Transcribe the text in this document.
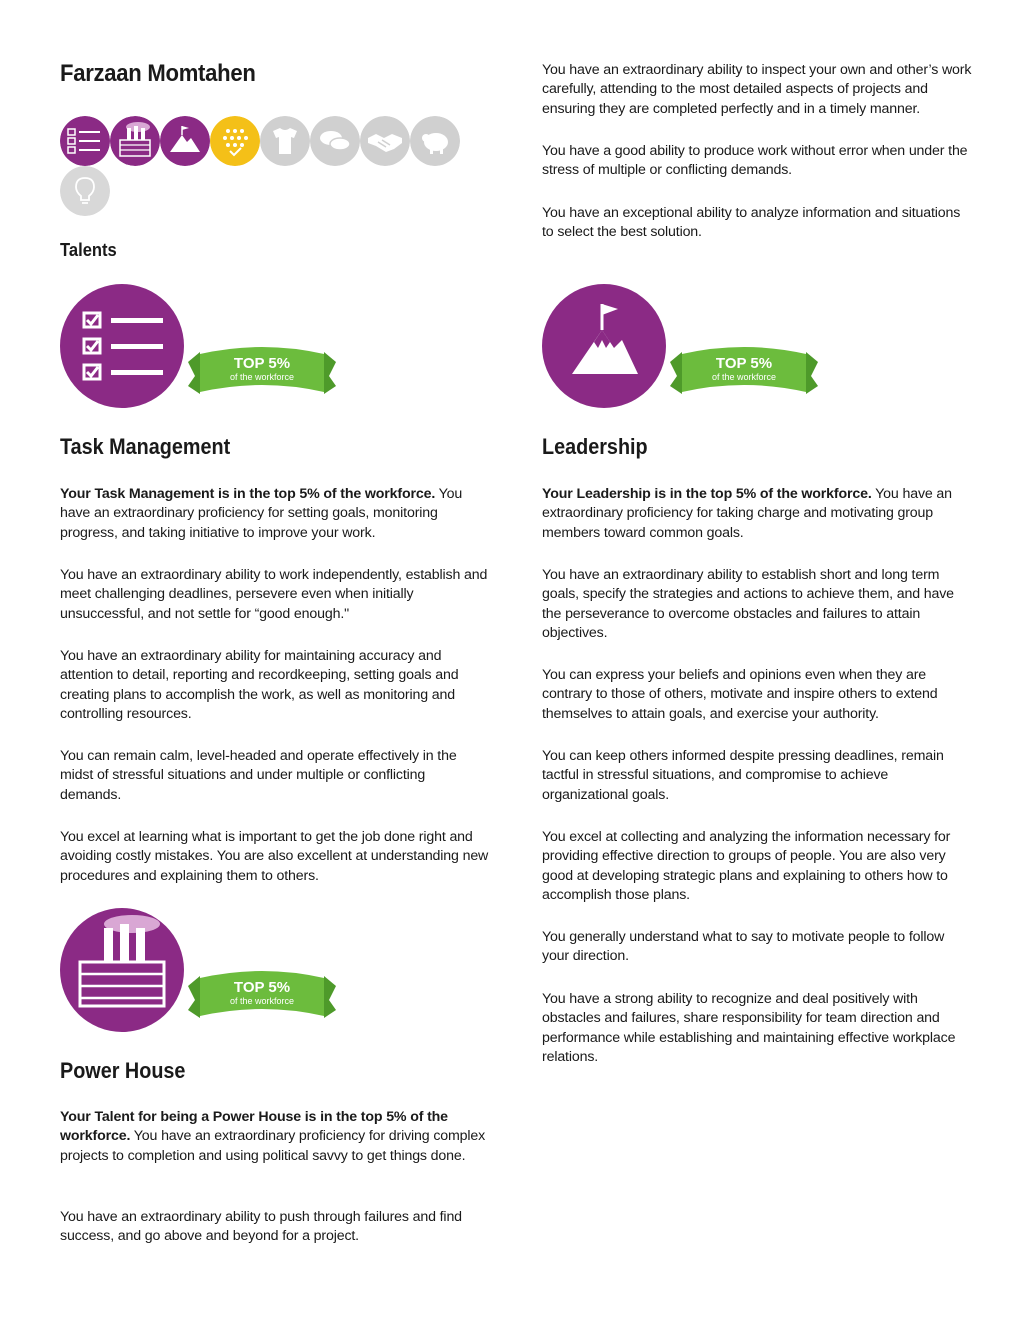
Farzaan Momtahen
Talents
TOP 5%
of the workforce
Task Management
Your Task Management is in the top 5% of the workforce. You have an extraordinary proficiency for setting goals, monitoring progress, and taking initiative to improve your work.
You have an extraordinary ability to work independently, establish and meet challenging deadlines, persevere even when initially unsuccessful, and not settle for “good enough."
You have an extraordinary ability for maintaining accuracy and attention to detail, reporting and recordkeeping, setting goals and creating plans to accomplish the work, as well as monitoring and controlling resources.
You can remain calm, level-headed and operate effectively in the midst of stressful situations and under multiple or conflicting demands.
You excel at learning what is important to get the job done right and avoiding costly mistakes. You are also excellent at understanding new procedures and explaining them to others.
TOP 5%
of the workforce
Power House
Your Talent for being a Power House is in the top 5% of the workforce. You have an extraordinary proficiency for driving complex projects to completion and using political savvy to get things done.
You have an extraordinary ability to push through failures and find success, and go above and beyond for a project.
You have an extraordinary ability to inspect your own and other’s work carefully, attending to the most detailed aspects of projects and ensuring they are completed perfectly and in a timely manner.
You have a good ability to produce work without error when under the stress of multiple or conflicting demands.
You have an exceptional ability to analyze information and situations to select the best solution.
TOP 5%
of the workforce
Leadership
Your Leadership is in the top 5% of the workforce. You have an extraordinary proficiency for taking charge and motivating group members toward common goals.
You have an extraordinary ability to establish short and long term goals, specify the strategies and actions to achieve them, and have the perseverance to overcome obstacles and failures to attain objectives.
You can express your beliefs and opinions even when they are contrary to those of others, motivate and inspire others to extend themselves to attain goals, and exercise your authority.
You can keep others informed despite pressing deadlines, remain tactful in stressful situations, and compromise to achieve organizational goals.
You excel at collecting and analyzing the information necessary for providing effective direction to groups of people. You are also very good at developing strategic plans and explaining to others how to accomplish those plans.
You generally understand what to say to motivate people to follow your direction.
You have a strong ability to recognize and deal positively with obstacles and failures, share responsibility for team direction and performance while establishing and maintaining effective workplace relations.
